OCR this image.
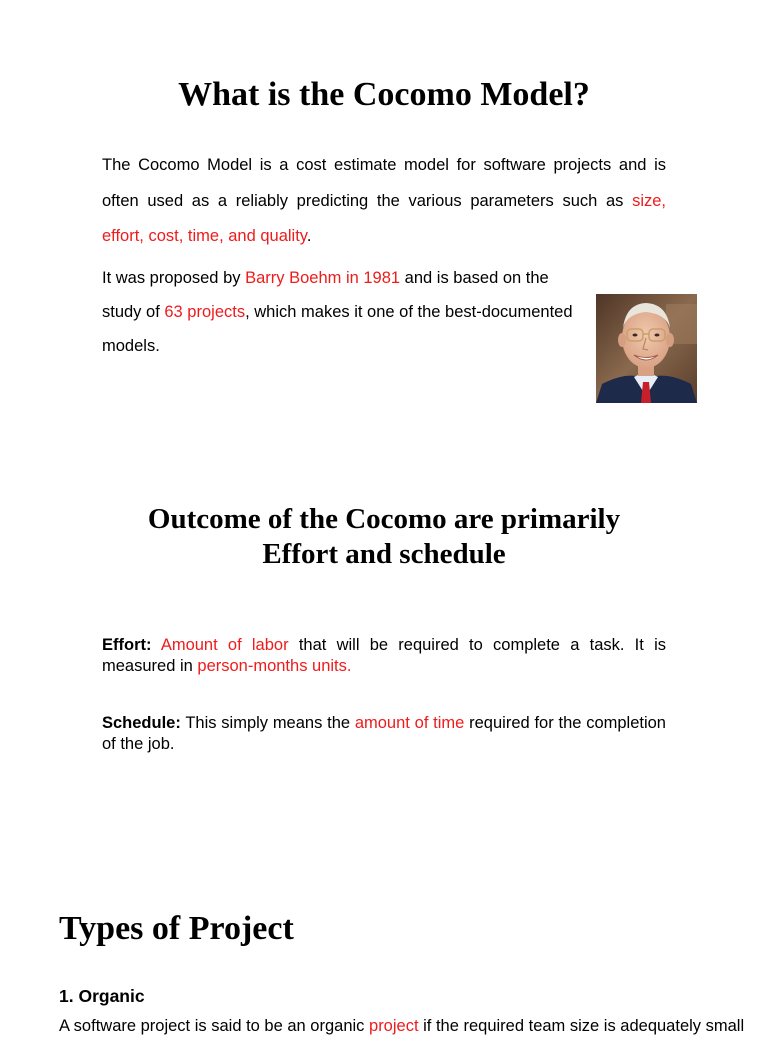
What is the Cocomo Model?

The Cocomo Model is a cost estimate model for software projects and is often used as a reliably predicting the various parameters such as size, effort, cost, time, and quality.

It was proposed by Barry Boehm in 1981 and is based on the study of 63 projects, which makes it one of the best-documented models.

Outcome of the Cocomo are primarily
Effort and schedule

Effort: Amount of labor that will be required to complete a task. It is measured in person-months units.

Schedule: This simply means the amount of time required for the completion of the job.

Types of Project
1. Organic

A software project is said to be an organic project if the required team size is adequately small
